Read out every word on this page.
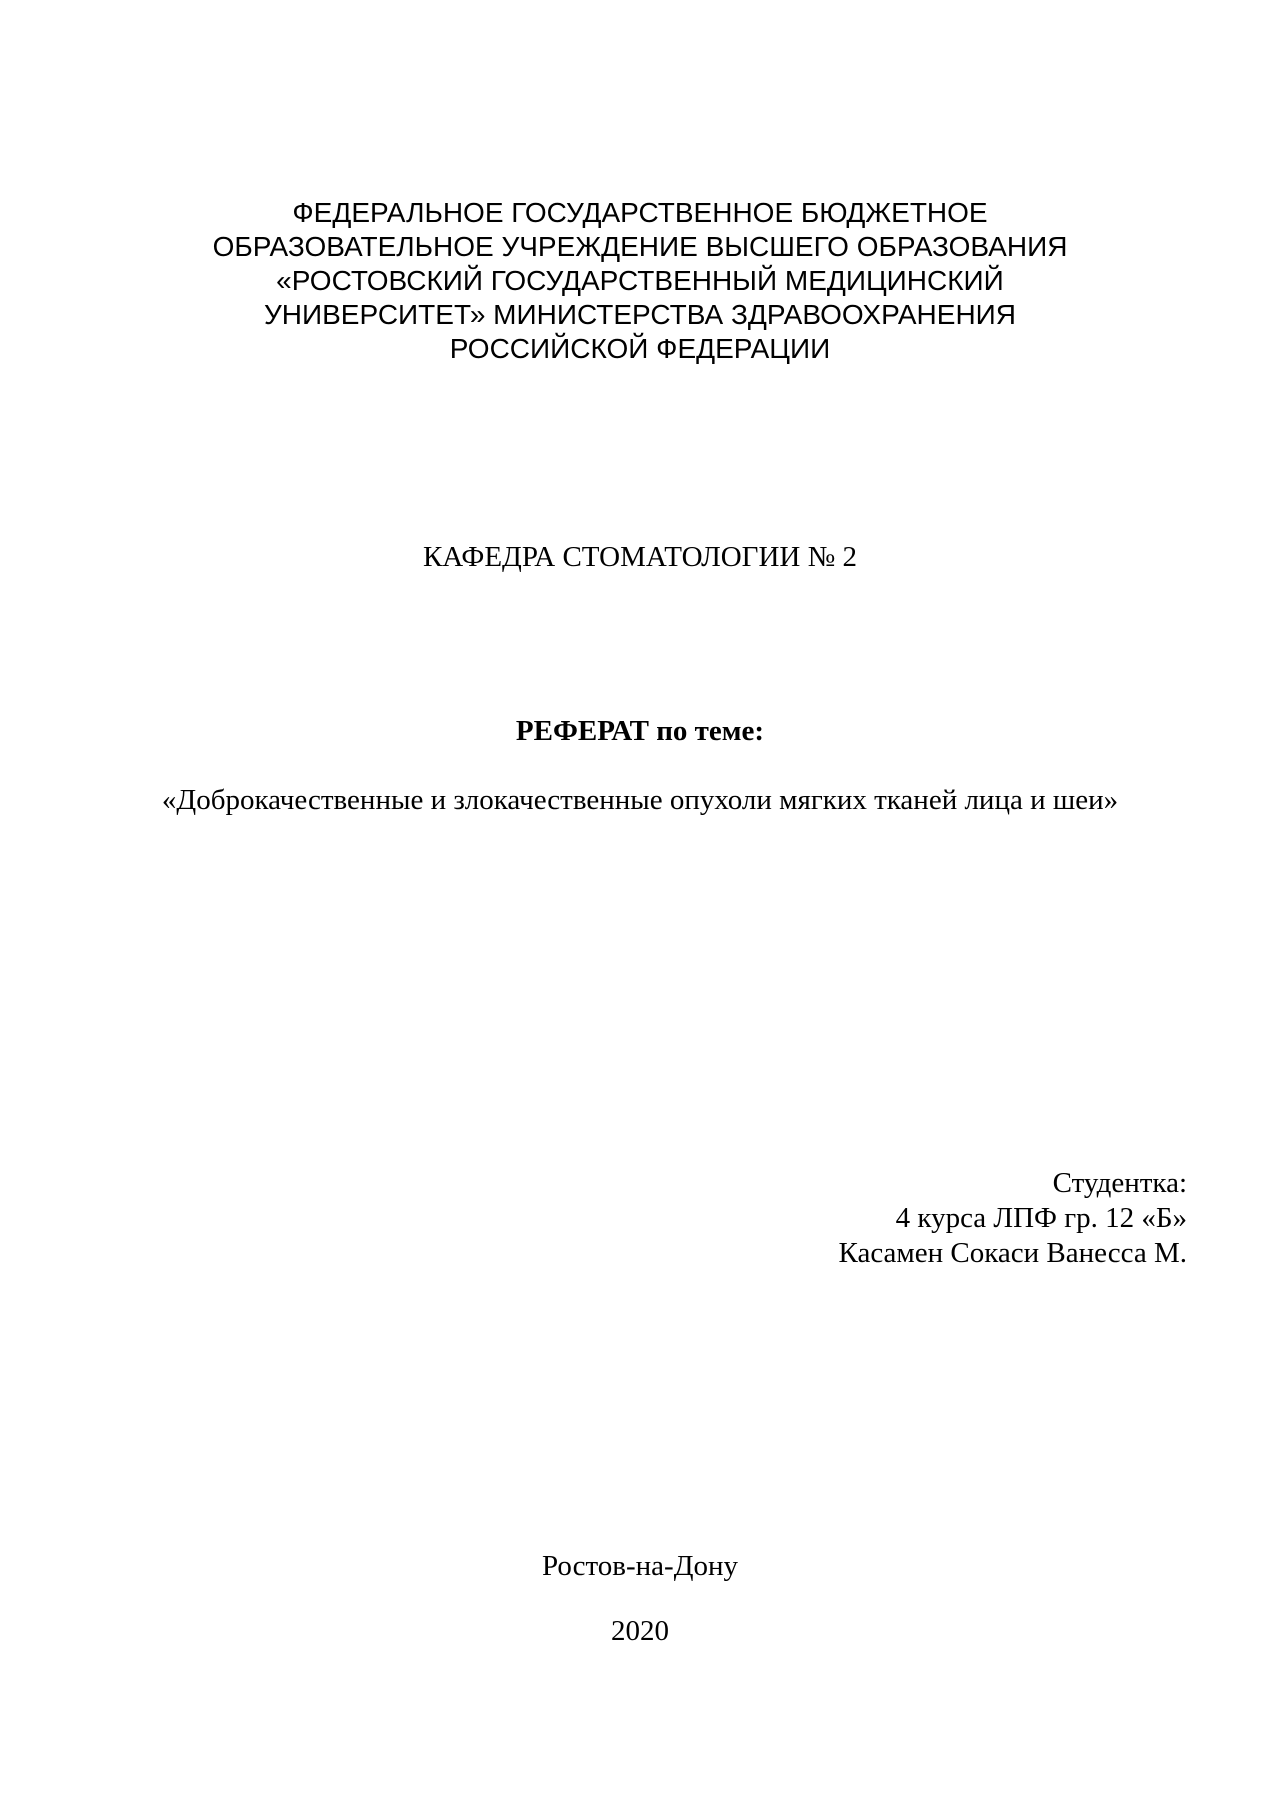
ФЕДЕРАЛЬНОЕ ГОСУДАРСТВЕННОЕ БЮДЖЕТНОЕ
ОБРАЗОВАТЕЛЬНОЕ УЧРЕЖДЕНИЕ ВЫСШЕГО ОБРАЗОВАНИЯ
«РОСТОВСКИЙ ГОСУДАРСТВЕННЫЙ МЕДИЦИНСКИЙ
УНИВЕРСИТЕТ» МИНИСТЕРСТВА ЗДРАВООХРАНЕНИЯ
РОССИЙСКОЙ ФЕДЕРАЦИИ
КАФЕДРА СТОМАТОЛОГИИ № 2
РЕФЕРАТ по теме:
«Доброкачественные и злокачественные опухоли мягких тканей лица и шеи»
Студентка:
4 курса ЛПФ гр. 12 «Б»
Касамен Сокаси Ванесса М.
Ростов-на-Дону
2020
